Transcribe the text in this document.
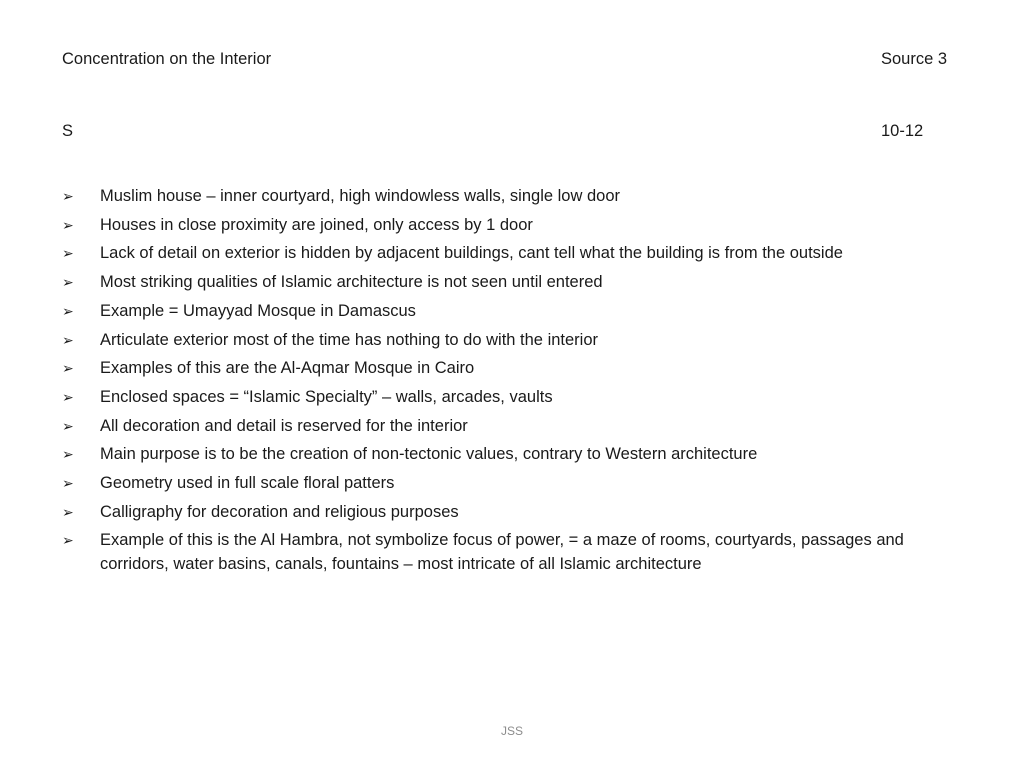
Concentration on the Interior	Source 3
S	10-12
➢ Muslim house – inner courtyard, high windowless walls, single low door
➢ Houses in close proximity are joined, only access by 1 door
➢ Lack of detail on exterior is hidden by adjacent buildings, cant tell what the building is from the outside
➢ Most striking qualities of Islamic architecture is not seen until entered
➢ Example = Umayyad Mosque in Damascus
➢ Articulate exterior most of the time has nothing to do with the interior
➢ Examples of this are the Al-Aqmar Mosque in Cairo
➢ Enclosed spaces = “Islamic Specialty” – walls, arcades, vaults
➢ All decoration and detail is reserved for the interior
➢ Main purpose is to be the creation of non-tectonic values, contrary to Western architecture
➢ Geometry used in full scale floral patters
➢ Calligraphy for decoration and religious purposes
➢ Example of this is the Al Hambra, not symbolize focus of power, = a maze of rooms, courtyards, passages and corridors, water basins, canals, fountains – most intricate of all Islamic architecture
JSS
